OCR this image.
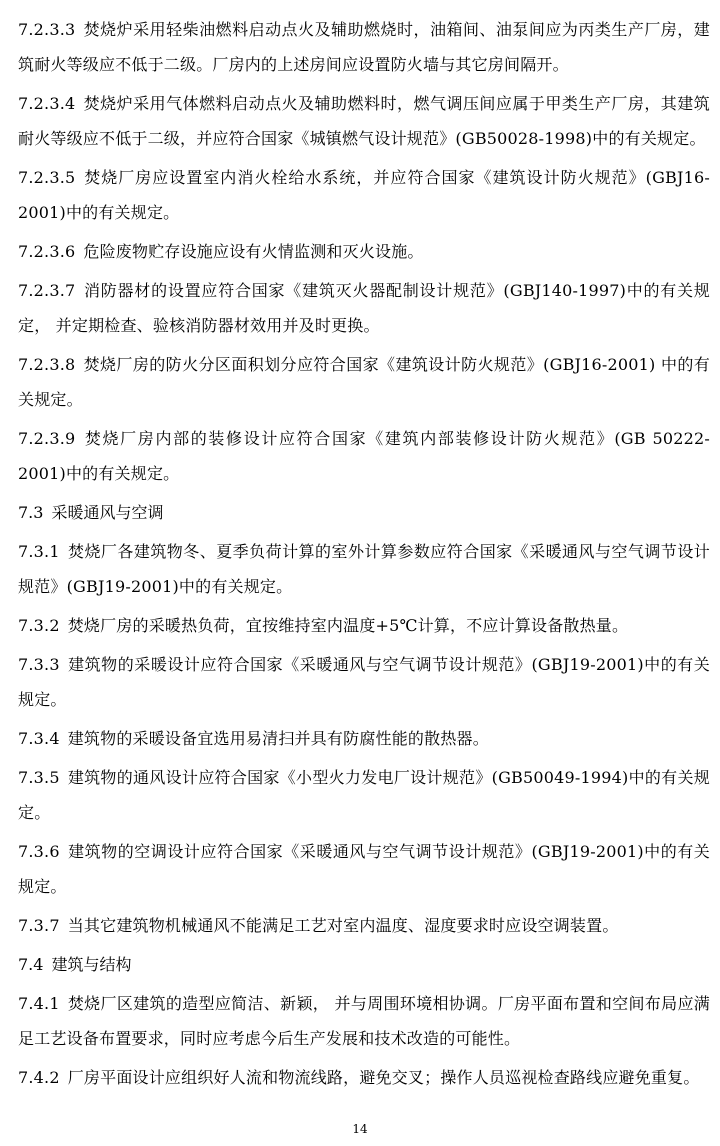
7.2.3.3 焚烧炉采用轻柴油燃料启动点火及辅助燃烧时，油箱间、油泵间应为丙类生产厂房，建筑耐火等级应不低于二级。厂房内的上述房间应设置防火墙与其它房间隔开。

7.2.3.4 焚烧炉采用气体燃料启动点火及辅助燃料时，燃气调压间应属于甲类生产厂房，其建筑耐火等级应不低于二级，并应符合国家《城镇燃气设计规范》(GB50028-1998)中的有关规定。

7.2.3.5 焚烧厂房应设置室内消火栓给水系统，并应符合国家《建筑设计防火规范》(GBJ16-2001)中的有关规定。

7.2.3.6 危险废物贮存设施应设有火情监测和灭火设施。

7.2.3.7 消防器材的设置应符合国家《建筑灭火器配制设计规范》(GBJ140-1997)中的有关规定， 并定期检查、验核消防器材效用并及时更换。

7.2.3.8 焚烧厂房的防火分区面积划分应符合国家《建筑设计防火规范》(GBJ16-2001) 中的有关规定。

7.2.3.9 焚烧厂房内部的装修设计应符合国家《建筑内部装修设计防火规范》(GB 50222-2001)中的有关规定。

7.3 采暖通风与空调

7.3.1 焚烧厂各建筑物冬、夏季负荷计算的室外计算参数应符合国家《采暖通风与空气调节设计规范》(GBJ19-2001)中的有关规定。

7.3.2 焚烧厂房的采暖热负荷，宜按维持室内温度+5℃计算，不应计算设备散热量。

7.3.3 建筑物的采暖设计应符合国家《采暖通风与空气调节设计规范》(GBJ19-2001)中的有关规定。

7.3.4 建筑物的采暖设备宜选用易清扫并具有防腐性能的散热器。

7.3.5 建筑物的通风设计应符合国家《小型火力发电厂设计规范》(GB50049-1994)中的有关规定。

7.3.6 建筑物的空调设计应符合国家《采暖通风与空气调节设计规范》(GBJ19-2001)中的有关规定。

7.3.7 当其它建筑物机械通风不能满足工艺对室内温度、湿度要求时应设空调装置。

7.4 建筑与结构

7.4.1 焚烧厂区建筑的造型应简洁、新颖， 并与周围环境相协调。厂房平面布置和空间布局应满足工艺设备布置要求，同时应考虑今后生产发展和技术改造的可能性。

7.4.2 厂房平面设计应组织好人流和物流线路，避免交叉；操作人员巡视检查路线应避免重复。

14
